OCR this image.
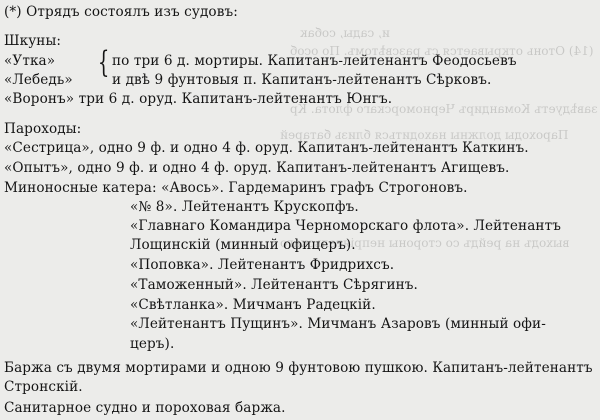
и, сады, собак
(14) Отонь открывается съ разсвѣтомъ. По особ
завѣдуетъ Командиръ Черноморскаго флота. Кр
Пароходы должны находиться близь батарей
выходъ на рейдъ со стороны непріятельскаго
(*) Отрядъ состоялъ изъ судовъ:
Шкуны:
«Утка» { по три 6 д. мортиры. Капитанъ-лейтенантъ Феодосьевъ
«Лебедь»	и двѣ 9 фунтовыя п. Капитанъ-лейтенантъ Сѣрковъ.
«Воронъ» три 6 д. оруд. Капитанъ-лейтенантъ Юнгъ.
Пароходы:
«Сестрица», одно 9 ф. и одно 4 ф. оруд. Капитанъ-лейтенантъ Каткинъ.
«Опытъ», одно 9 ф. и одно 4 ф. оруд. Капитанъ-лейтенантъ Агищевъ.
Миноносные катера: «Авось». Гардемаринъ графъ Строгоновъ.
«№ 8». Лейтенантъ Крускопфъ.
«Главнаго Командира Черноморскаго флота». Лейтенантъ
Лощинскій (минный офицеръ).
«Поповка». Лейтенантъ Фридрихсъ.
«Таможенный». Лейтенантъ Сѣрягинъ.
«Свѣтланка». Мичманъ Радецкій.
«Лейтенантъ Пущинъ». Мичманъ Азаровъ (минный офи-
церъ).
Баржа съ двумя мортирами и одною 9 фунтовою пушкою. Капитанъ-лейтенантъ
Стронскій.
Санитарное судно и пороховая баржа.
